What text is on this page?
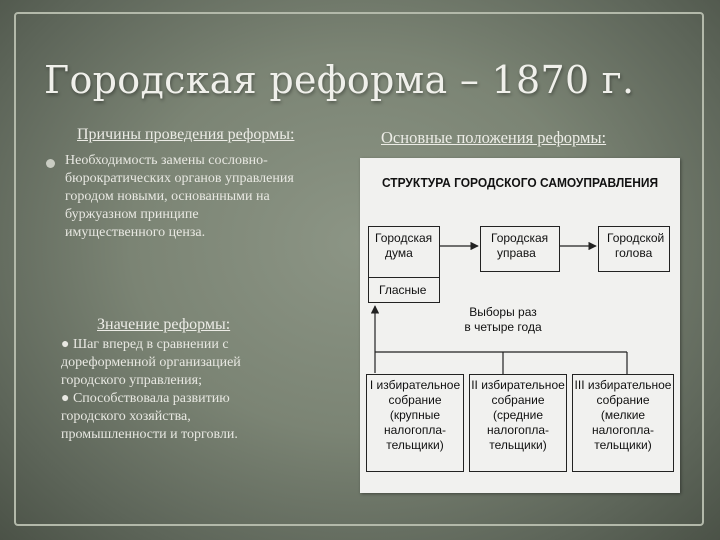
Городская реформа – 1870 г.
Причины проведения реформы:	Основные положения реформы:
Необходимость замены сословно-
бюрократических органов управления
городом новыми, основанными на
буржуазном принципе
имущественного ценза.
Значение реформы:
● Шаг вперед в сравнении с
дореформенной организацией
городского управления;
● Способствовала развитию
городского хозяйства,
промышленности и торговли.
СТРУКТУРА ГОРОДСКОГО САМОУПРАВЛЕНИЯ
Городская
дума
Гласные
Городская
управа
Городской
голова
Выборы раз
в четыре года
I избирательное
собрание
(крупные
налогопла-
тельщики)
II избирательное
собрание
(средние
налогопла-
тельщики)
III избирательное
собрание
(мелкие
налогопла-
тельщики)
